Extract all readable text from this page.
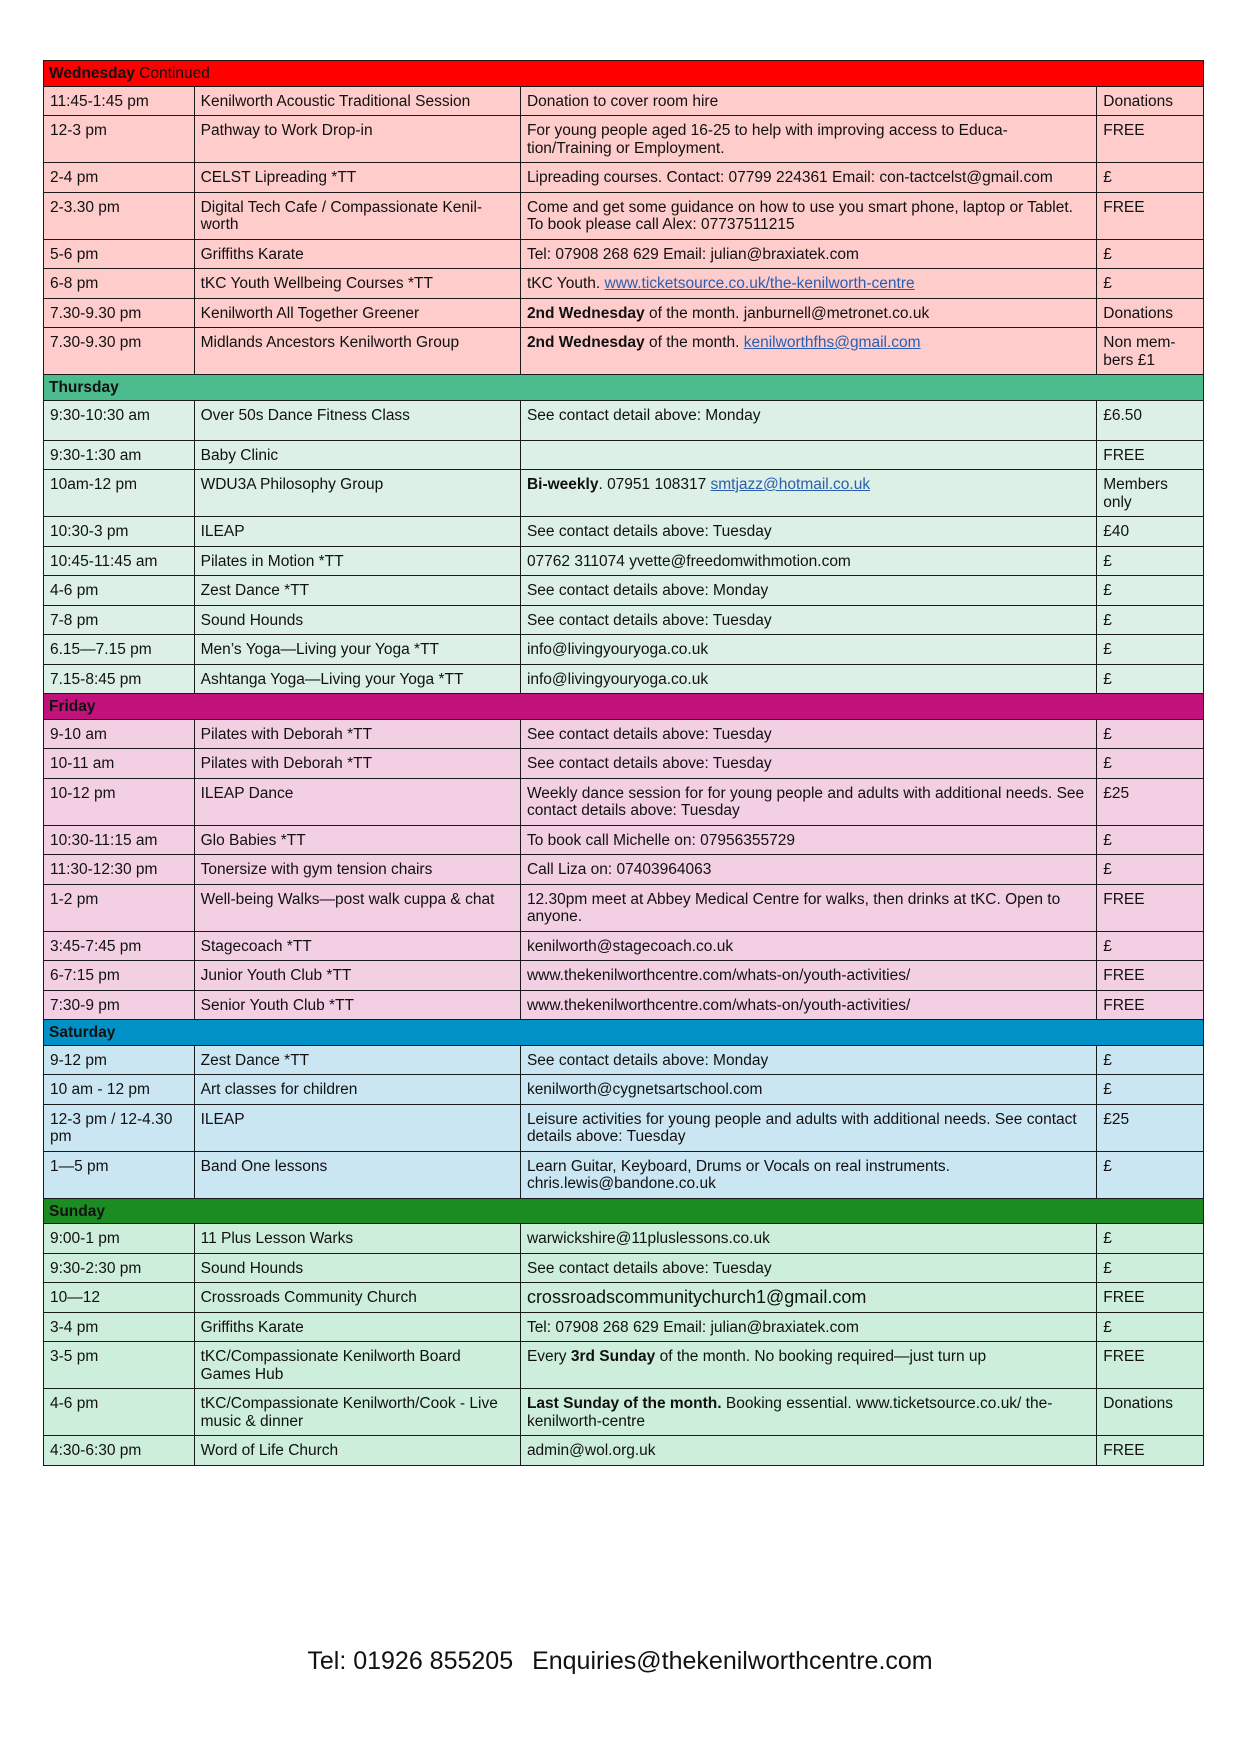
Wednesday Continued			
11:45-1:45 pm	Kenilworth Acoustic Traditional Session	Donation to cover room hire	Donations
12-3 pm	Pathway to Work Drop-in	For young people aged 16-25 to help with improving access to Educa-tion/Training or Employment.	FREE
2-4 pm	CELST Lipreading *TT	Lipreading courses. Contact: 07799 224361 Email: con-tactcelst@gmail.com	£
2-3.30 pm	Digital Tech Cafe / Compassionate Kenil-worth	Come and get some guidance on how to use you smart phone, laptop or Tablet. To book please call Alex: 07737511215	FREE
5-6 pm	Griffiths Karate	Tel: 07908 268 629 Email: julian@braxiatek.com	£
6-8 pm	tKC Youth Wellbeing Courses *TT	tKC Youth. www.ticketsource.co.uk/the-kenilworth-centre	£
7.30-9.30 pm	Kenilworth All Together Greener	2nd Wednesday of the month. janburnell@metronet.co.uk	Donations
7.30-9.30 pm	Midlands Ancestors Kenilworth Group	2nd Wednesday of the month. kenilworthfhs@gmail.com	Non mem-bers £1
Thursday			
9:30-10:30 am	Over 50s Dance Fitness Class	See contact detail above: Monday	£6.50
9:30-1:30 am	Baby Clinic		FREE
10am-12 pm	WDU3A Philosophy Group	Bi-weekly. 07951 108317 smtjazz@hotmail.co.uk	Members only
10:30-3 pm	ILEAP	See contact details above: Tuesday	£40
10:45-11:45 am	Pilates in Motion *TT	07762 311074 yvette@freedomwithmotion.com	£
4-6 pm	Zest Dance *TT	See contact details above: Monday	£
7-8 pm	Sound Hounds	See contact details above: Tuesday	£
6.15—7.15 pm	Men’s Yoga—Living your Yoga *TT	info@livingyouryoga.co.uk	£
7.15-8:45 pm	Ashtanga Yoga—Living your Yoga *TT	info@livingyouryoga.co.uk	£
Friday			
9-10 am	Pilates with Deborah *TT	See contact details above: Tuesday	£
10-11 am	Pilates with Deborah *TT	See contact details above: Tuesday	£
10-12 pm	ILEAP Dance	Weekly dance session for for young people and adults with additional needs. See contact details above: Tuesday	£25
10:30-11:15 am	Glo Babies *TT	To book call Michelle on: 07956355729	£
11:30-12:30 pm	Tonersize with gym tension chairs	Call Liza on: 07403964063	£
1-2 pm	Well-being Walks—post walk cuppa & chat	12.30pm meet at Abbey Medical Centre for walks, then drinks at tKC. Open to anyone.	FREE
3:45-7:45 pm	Stagecoach *TT	kenilworth@stagecoach.co.uk	£
6-7:15 pm	Junior Youth Club *TT	www.thekenilworthcentre.com/whats-on/youth-activities/	FREE
7:30-9 pm	Senior Youth Club *TT	www.thekenilworthcentre.com/whats-on/youth-activities/	FREE
Saturday			
9-12 pm	Zest Dance *TT	See contact details above: Monday	£
10 am - 12 pm	Art classes for children	kenilworth@cygnetsartschool.com	£
12-3 pm / 12-4.30 pm	ILEAP	Leisure activities for young people and adults with additional needs. See contact details above: Tuesday	£25
1—5 pm	Band One lessons	Learn Guitar, Keyboard, Drums or Vocals on real instruments. chris.lewis@bandone.co.uk	£
Sunday			
9:00-1 pm	11 Plus Lesson Warks	warwickshire@11pluslessons.co.uk	£
9:30-2:30 pm	Sound Hounds	See contact details above: Tuesday	£
10—12	Crossroads Community Church	crossroadscommunitychurch1@gmail.com	FREE
3-4 pm	Griffiths Karate	Tel: 07908 268 629 Email: julian@braxiatek.com	£
3-5 pm	tKC/Compassionate Kenilworth Board Games Hub	Every 3rd Sunday of the month. No booking required—just turn up	FREE
4-6 pm	tKC/Compassionate Kenilworth/Cook - Live music & dinner	Last Sunday of the month. Booking essential. www.ticketsource.co.uk/ the-kenilworth-centre	Donations
4:30-6:30 pm	Word of Life Church	admin@wol.org.uk	FREE
Tel: 01926 855205 Enquiries@thekenilworthcentre.com
